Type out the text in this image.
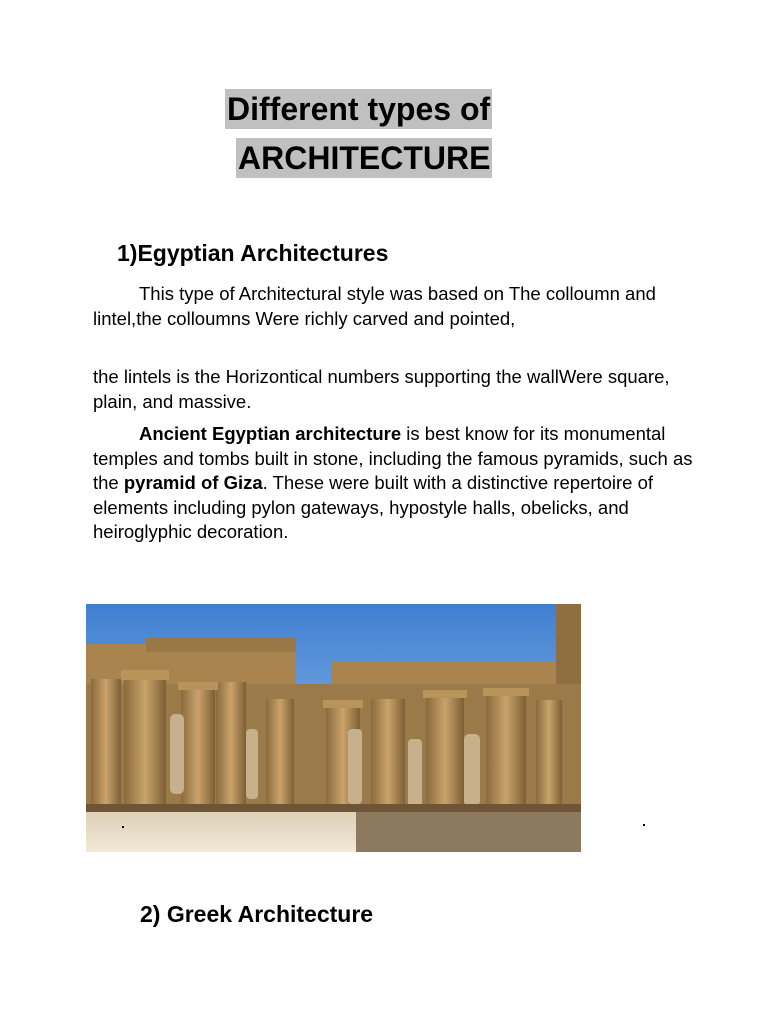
Different types of
ARCHITECTURE
1)Egyptian Architectures

This type of Architectural style was based on The colloumn and lintel,the colloumns Were richly carved and pointed,

the lintels is the Horizontical numbers supporting the wallWere square, plain, and massive.

Ancient Egyptian architecture is best know for its monumental temples and tombs built in stone, including the famous pyramids, such as the pyramid of Giza. These were built with a distinctive repertoire of elements including pylon gateways, hypostyle halls, obelicks, and heiroglyphic decoration.

2) Greek Architecture
